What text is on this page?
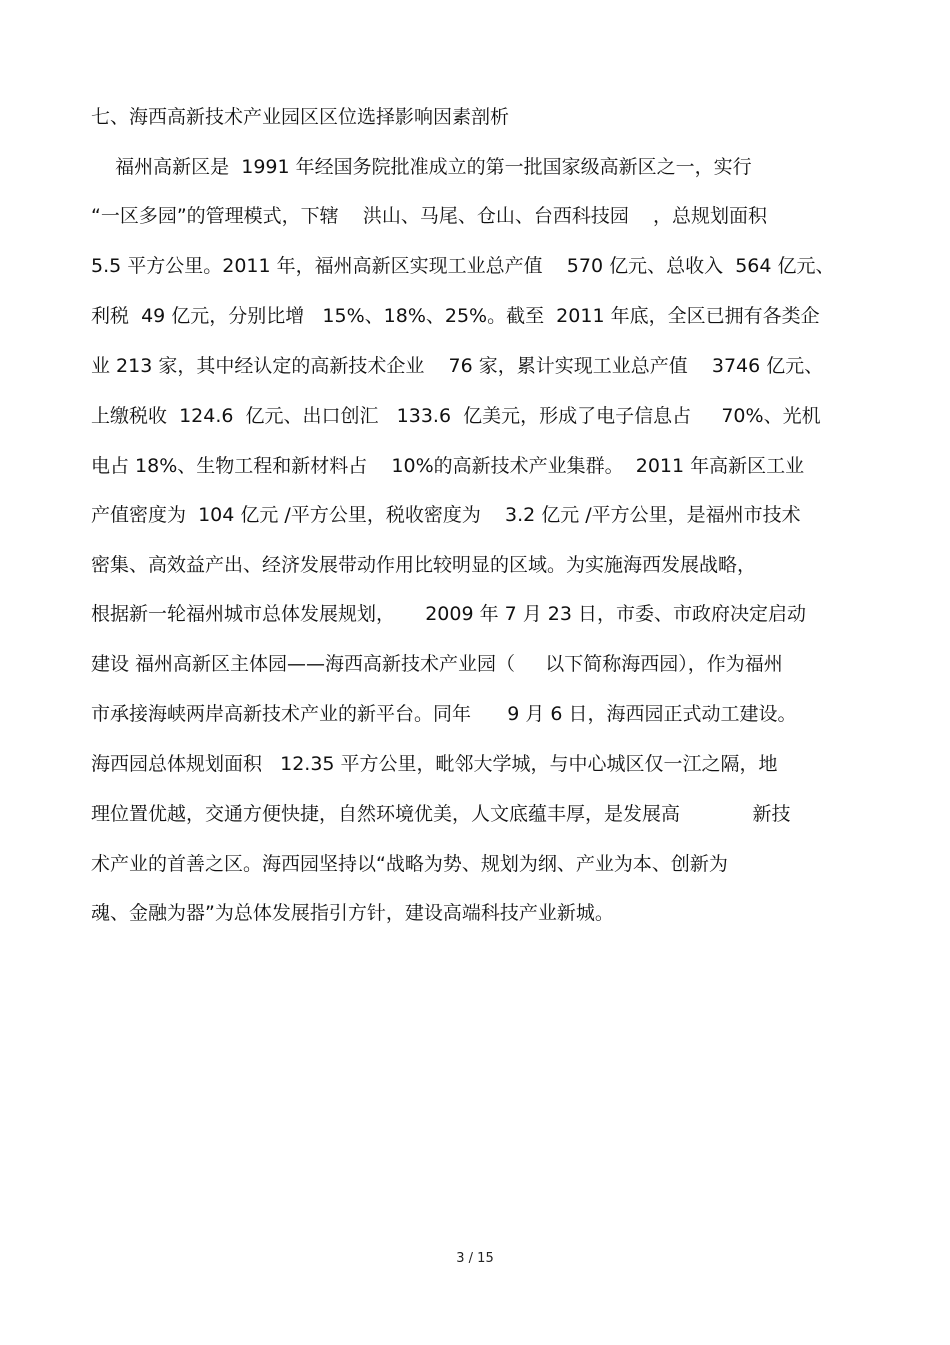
七、海西高新技术产业园区区位选择影响因素剖析
福州高新区是  1991 年经国务院批准成立的第一批国家级高新区之一，实行
“一区多园”的管理模式，下辖    洪山、马尾、仓山、台西科技园    ，总规划面积
5.5 平方公里。2011 年，福州高新区实现工业总产值    570 亿元、总收入  564 亿元、
利税  49 亿元，分别比增   15%、18%、25%。截至  2011 年底，全区已拥有各类企
业 213 家，其中经认定的高新技术企业    76 家，累计实现工业总产值    3746 亿元、
上缴税收  124.6  亿元、出口创汇   133.6  亿美元，形成了电子信息占     70%、光机
电占 18%、生物工程和新材料占    10%的高新技术产业集群。  2011 年高新区工业
产值密度为  104 亿元 /平方公里，税收密度为    3.2 亿元 /平方公里，是福州市技术
密集、高效益产出、经济发展带动作用比较明显的区域。为实施海西发展战略，
根据新一轮福州城市总体发展规划，     2009 年 7 月 23 日，市委、市政府决定启动
建设 福州高新区主体园——海西高新技术产业园（     以下简称海西园），作为福州
市承接海峡两岸高新技术产业的新平台。同年      9 月 6 日，海西园正式动工建设。
海西园总体规划面积   12.35 平方公里，毗邻大学城，与中心城区仅一江之隔，地
理位置优越，交通方便快捷，自然环境优美，人文底蕴丰厚，是发展高            新技
术产业的首善之区。海西园坚持以“战略为势、规划为纲、产业为本、创新为
魂、金融为器”为总体发展指引方针，建设高端科技产业新城。
3 / 15
